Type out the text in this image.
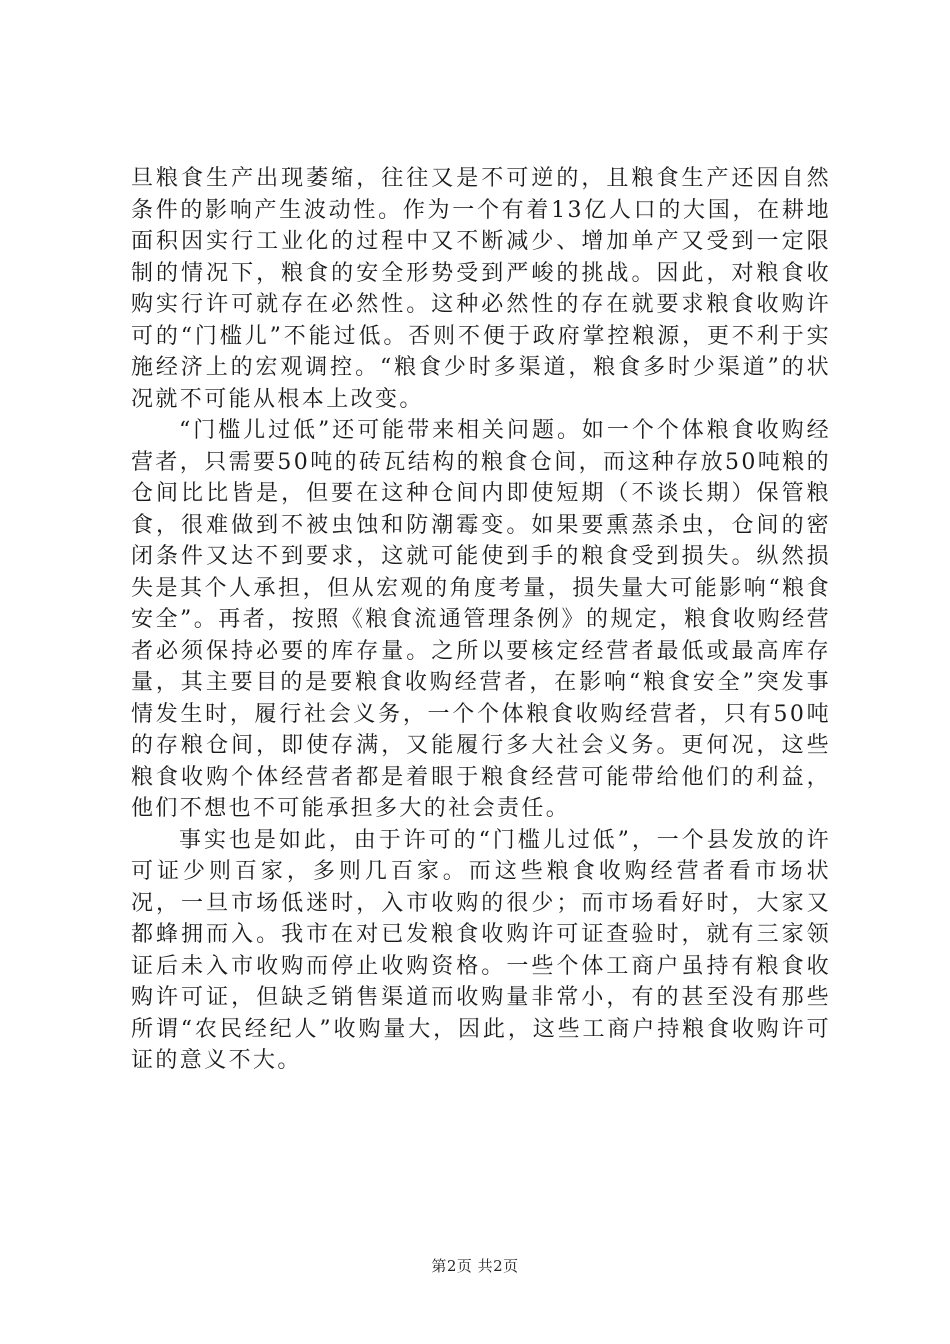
旦粮食生产出现萎缩，往往又是不可逆的，且粮食生产还因自然条件的影响产生波动性。作为一个有着13亿人口的大国，在耕地面积因实行工业化的过程中又不断减少、增加单产又受到一定限制的情况下，粮食的安全形势受到严峻的挑战。因此，对粮食收购实行许可就存在必然性。这种必然性的存在就要求粮食收购许可的“门槛儿”不能过低。否则不便于政府掌控粮源，更不利于实施经济上的宏观调控。“粮食少时多渠道，粮食多时少渠道”的状况就不可能从根本上改变。

“门槛儿过低”还可能带来相关问题。如一个个体粮食收购经营者，只需要50吨的砖瓦结构的粮食仓间，而这种存放50吨粮的仓间比比皆是，但要在这种仓间内即使短期（不谈长期）保管粮食，很难做到不被虫蚀和防潮霉变。如果要熏蒸杀虫，仓间的密闭条件又达不到要求，这就可能使到手的粮食受到损失。纵然损失是其个人承担，但从宏观的角度考量，损失量大可能影响“粮食安全”。再者，按照《粮食流通管理条例》的规定，粮食收购经营者必须保持必要的库存量。之所以要核定经营者最低或最高库存量，其主要目的是要粮食收购经营者，在影响“粮食安全”突发事情发生时，履行社会义务，一个个体粮食收购经营者，只有50吨的存粮仓间，即使存满，又能履行多大社会义务。更何况，这些粮食收购个体经营者都是着眼于粮食经营可能带给他们的利益，他们不想也不可能承担多大的社会责任。

事实也是如此，由于许可的“门槛儿过低”，一个县发放的许可证少则百家，多则几百家。而这些粮食收购经营者看市场状况，一旦市场低迷时，入市收购的很少；而市场看好时，大家又都蜂拥而入。我市在对已发粮食收购许可证查验时，就有三家领证后未入市收购而停止收购资格。一些个体工商户虽持有粮食收购许可证，但缺乏销售渠道而收购量非常小，有的甚至没有那些所谓“农民经纪人”收购量大，因此，这些工商户持粮食收购许可证的意义不大。

第2页 共2页
